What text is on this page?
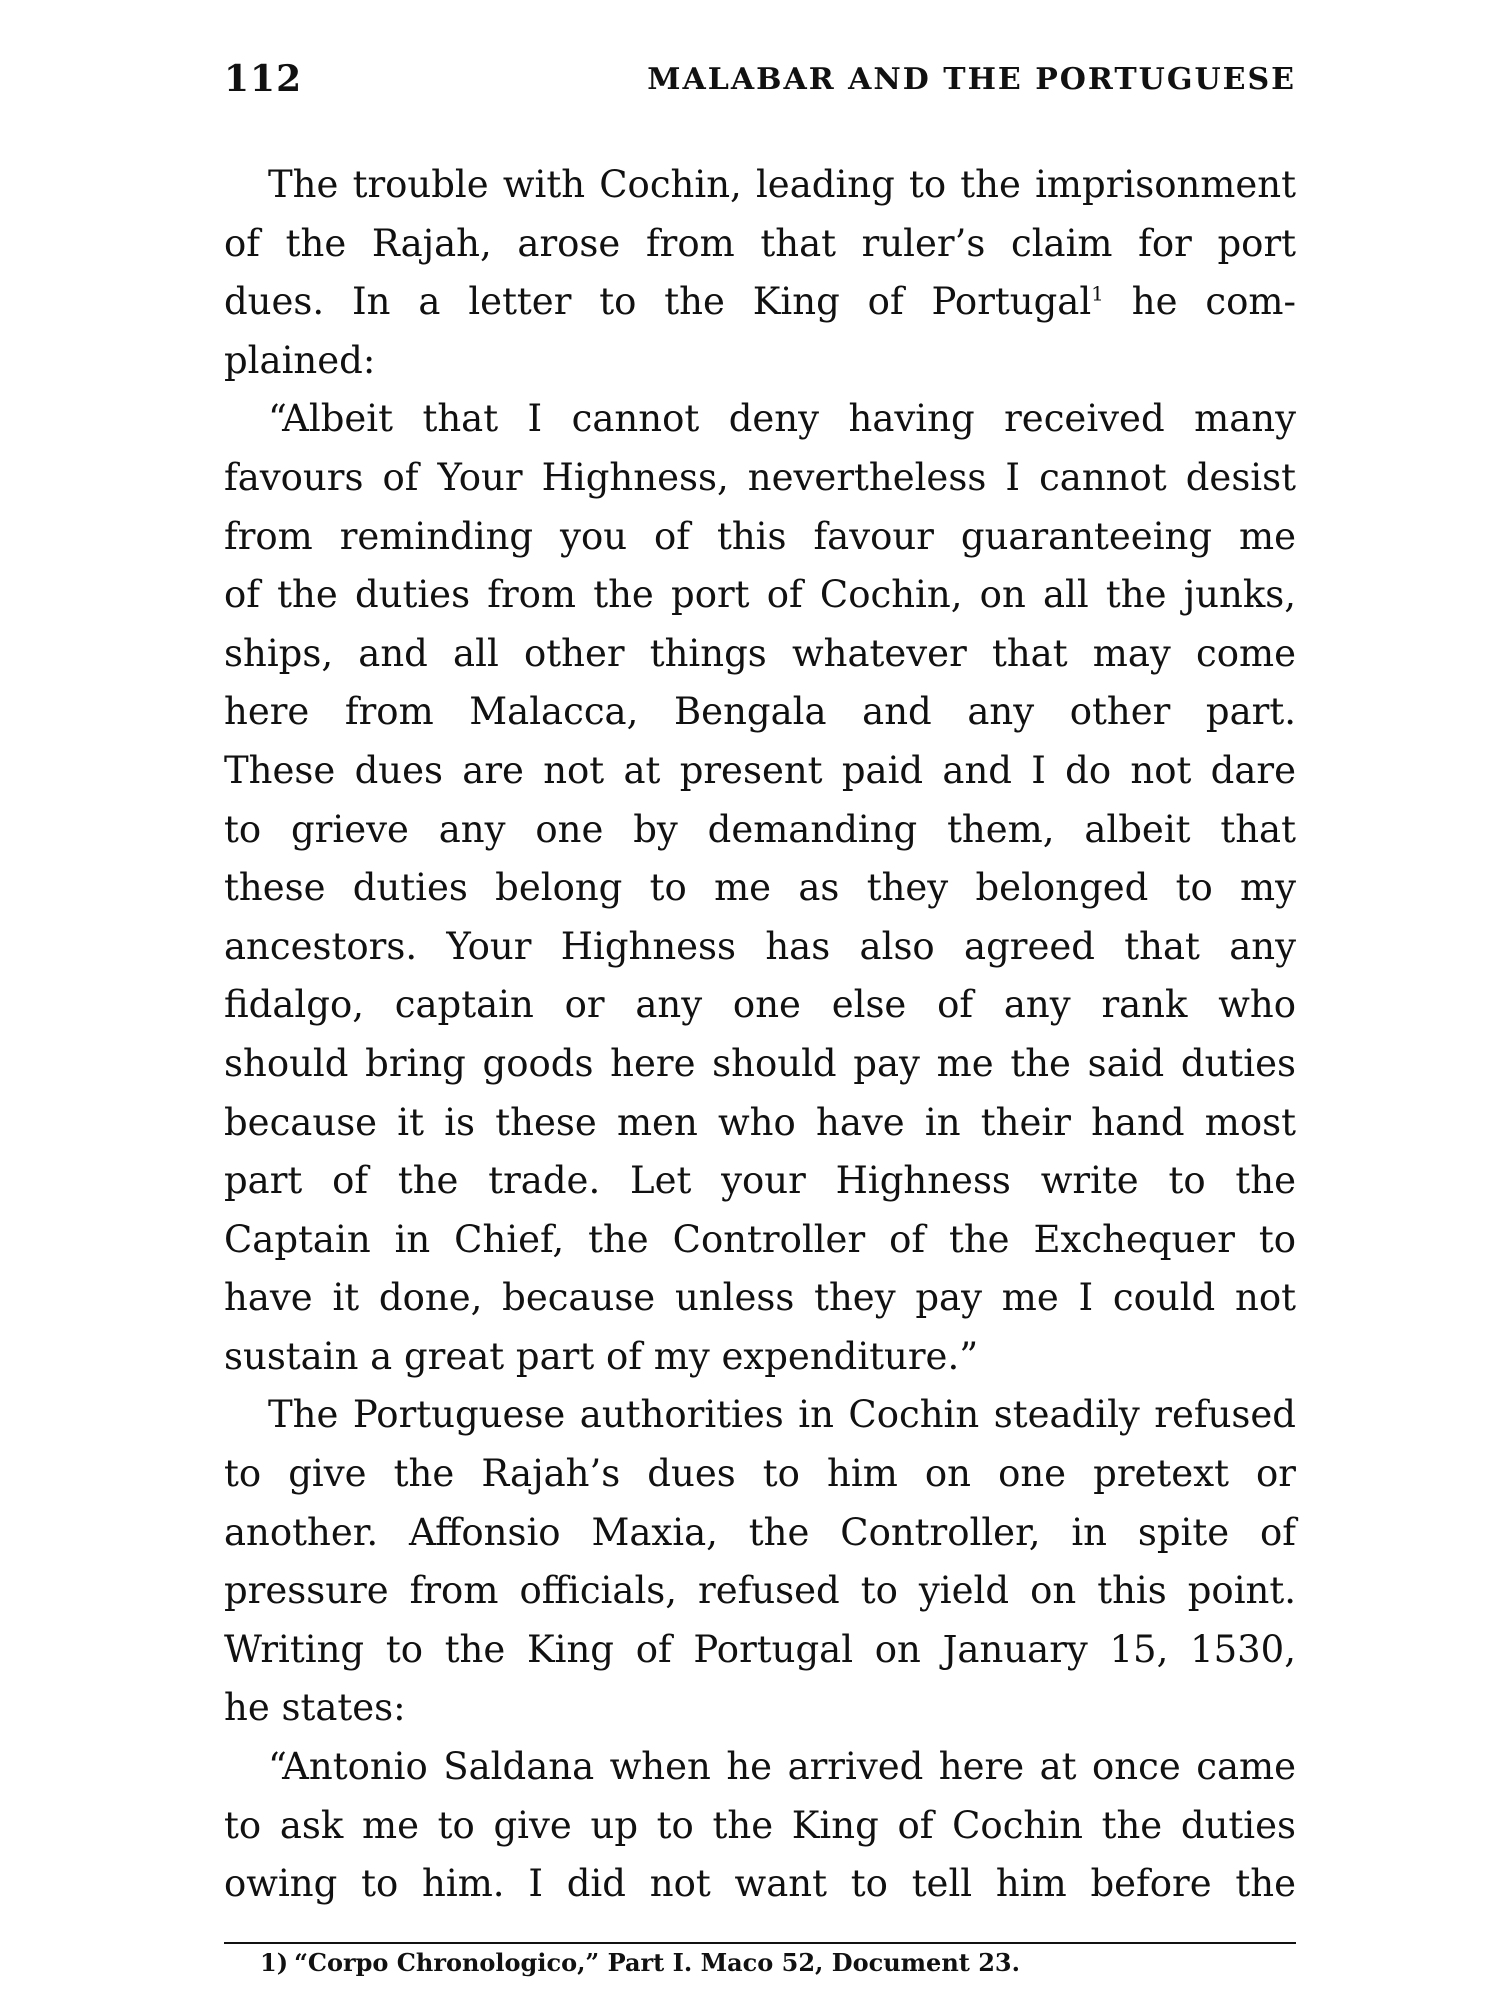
112	MALABAR AND THE PORTUGUESE
The trouble with Cochin, leading to the imprisonment
of the Rajah, arose from that ruler’s claim for port
dues. In a letter to the King of Portugal$^1$ he com-
plained:
“Albeit that I cannot deny having received many
favours of Your Highness, nevertheless I cannot desist
from reminding you of this favour guaranteeing me
of the duties from the port of Cochin, on all the junks,
ships, and all other things whatever that may come
here from Malacca, Bengala and any other part.
These dues are not at present paid and I do not dare
to grieve any one by demanding them, albeit that
these duties belong to me as they belonged to my
ancestors. Your Highness has also agreed that any
fidalgo, captain or any one else of any rank who
should bring goods here should pay me the said duties
because it is these men who have in their hand most
part of the trade. Let your Highness write to the
Captain in Chief, the Controller of the Exchequer to
have it done, because unless they pay me I could not
sustain a great part of my expenditure.”
The Portuguese authorities in Cochin steadily refused
to give the Rajah’s dues to him on one pretext or
another. Affonsio Maxia, the Controller, in spite of
pressure from officials, refused to yield on this point.
Writing to the King of Portugal on January 15, 1530,
he states:
“Antonio Saldana when he arrived here at once came
to ask me to give up to the King of Cochin the duties
owing to him. I did not want to tell him before the
1) “Corpo Chronologico,” Part I. Maco 52, Document 23.
